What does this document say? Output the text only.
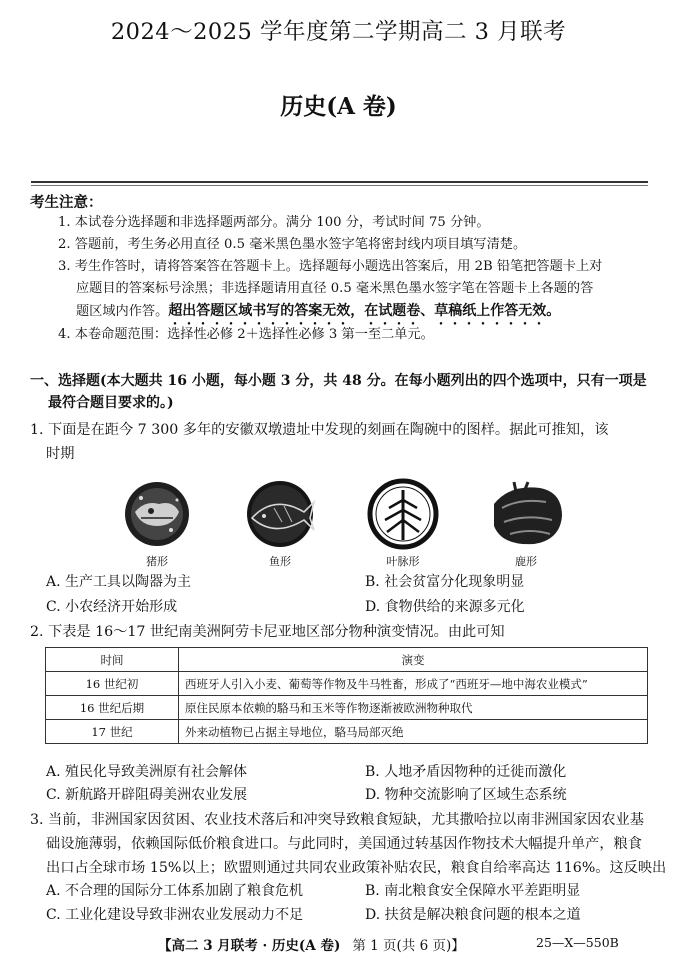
2024～2025 学年度第二学期高二 3 月联考
历史(A 卷)
考生注意：
1. 本试卷分选择题和非选择题两部分。满分 100 分，考试时间 75 分钟。
2. 答题前，考生务必用直径 0.5 毫米黑色墨水签字笔将密封线内项目填写清楚。
3. 考生作答时，请将答案答在答题卡上。选择题每小题选出答案后，用 2B 铅笔把答题卡上对
应题目的答案标号涂黑；非选择题请用直径 0.5 毫米黑色墨水签字笔在答题卡上各题的答
题区域内作答。超出答题区域书写的答案无效，在试题卷、草稿纸上作答无效。
4. 本卷命题范围：选择性必修 2＋选择性必修 3 第一至二单元。
一、选择题(本大题共 16 小题，每小题 3 分，共 48 分。在每小题列出的四个选项中，只有一项是
最符合题目要求的。)
1. 下面是在距今 7 300 多年的安徽双墩遗址中发现的刻画在陶碗中的图样。据此可推知，该
时期
猪形	鱼形	叶脉形	鹿形
A. 生产工具以陶器为主	B. 社会贫富分化现象明显
C. 小农经济开始形成	D. 食物供给的来源多元化
2. 下表是 16～17 世纪南美洲阿劳卡尼亚地区部分物种演变情况。由此可知
时间	演变
16 世纪初	西班牙人引入小麦、葡萄等作物及牛马牲畜，形成了“西班牙—地中海农业模式”
16 世纪后期	原住民原本依赖的駱马和玉米等作物逐渐被欧洲物种取代
17 世纪	外来动植物已占据主导地位，駱马局部灭绝
A. 殖民化导致美洲原有社会解体	B. 人地矛盾因物种的迁徙而激化
C. 新航路开辟阻碍美洲农业发展	D. 物种交流影响了区域生态系统
3. 当前，非洲国家因贫困、农业技术落后和冲突导致粮食短缺，尤其撒哈拉以南非洲国家因农业基
础设施薄弱，依赖国际低价粮食进口。与此同时，美国通过转基因作物技术大幅提升单产，粮食
出口占全球市场 15%以上；欧盟则通过共同农业政策补贴农民，粮食自给率高达 116%。这反映出
A. 不合理的国际分工体系加剧了粮食危机	B. 南北粮食安全保障水平差距明显
C. 工业化建设导致非洲农业发展动力不足	D. 扶贫是解决粮食问题的根本之道
【高二 3 月联考 · 历史(A 卷) 第 1 页(共 6 页)】	25—X—550B
